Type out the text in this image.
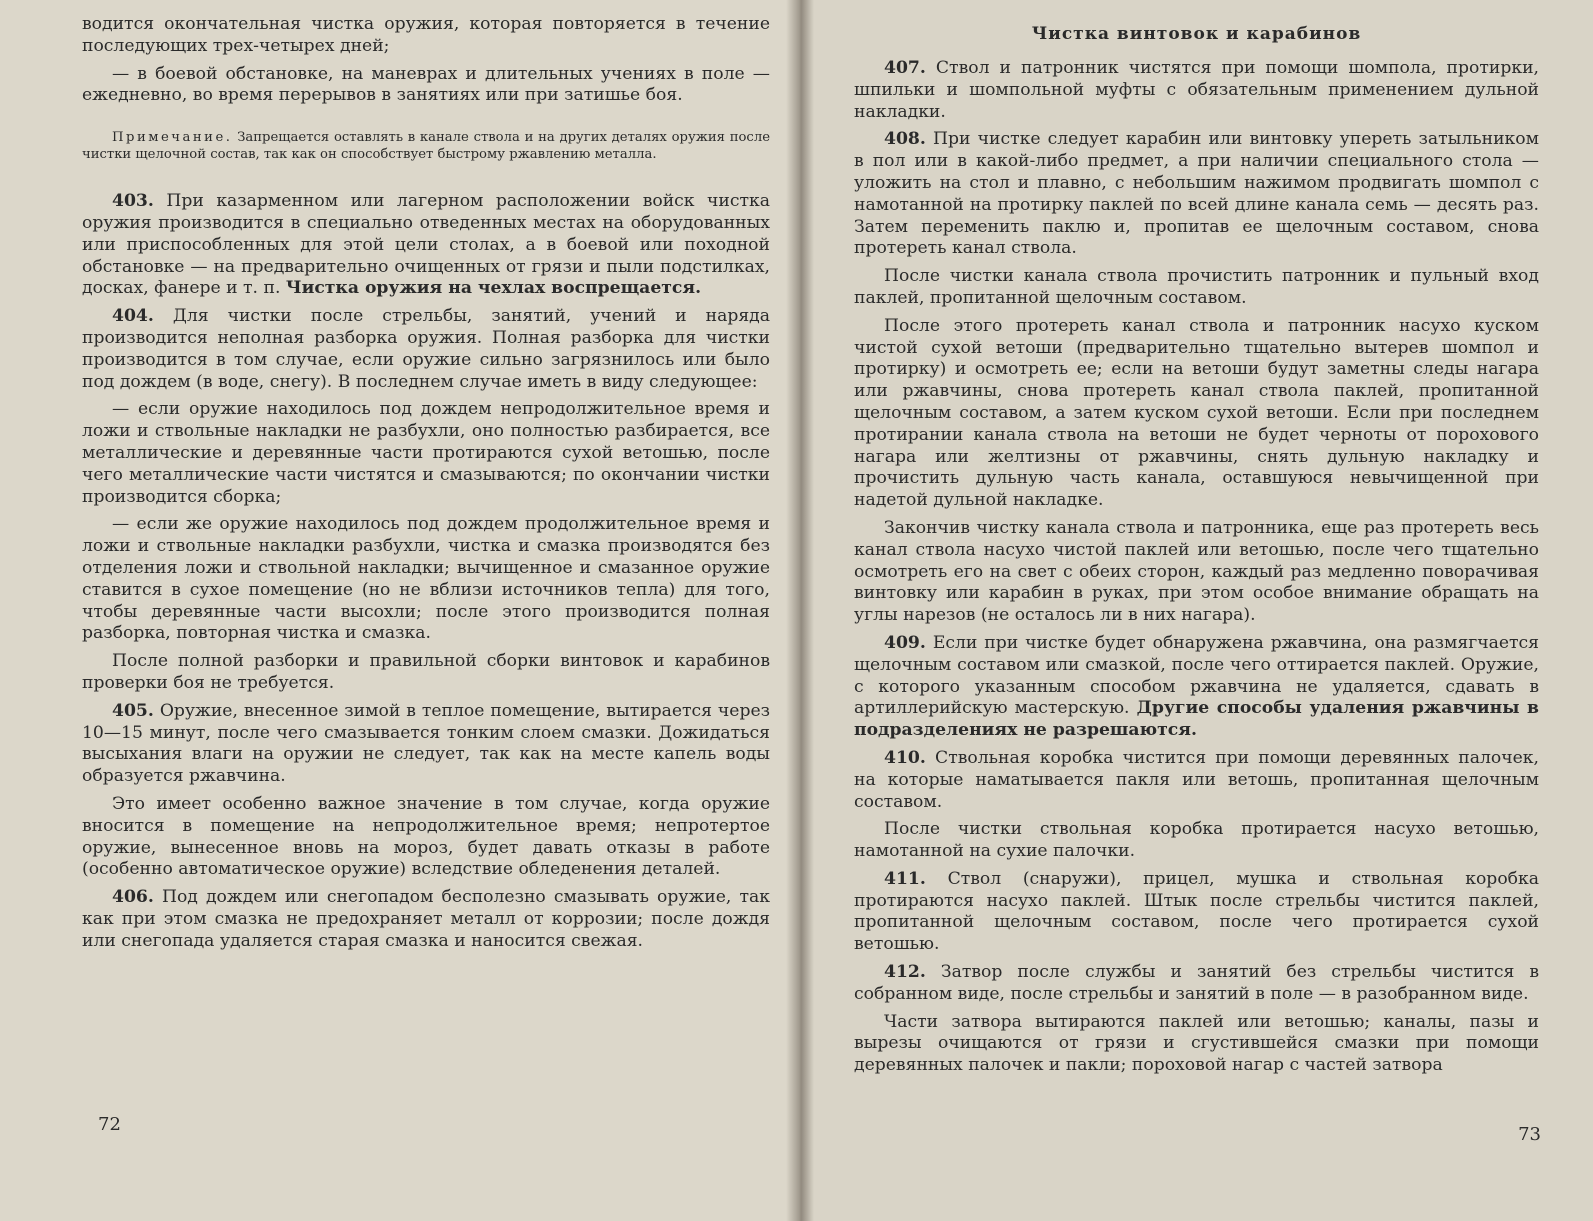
водится окончательная чистка оружия, которая повторяется в течение последующих трех-четырех дней;

— в боевой обстановке, на маневрах и длительных учениях в поле — ежедневно, во время перерывов в занятиях или при затишье боя.

Примечание. Запрещается оставлять в канале ствола и на других деталях оружия после чистки щелочной состав, так как он способствует быстрому ржавлению металла.

403. При казарменном или лагерном расположении войск чистка оружия производится в специально отведенных местах на оборудованных или приспособленных для этой цели столах, а в боевой или походной обстановке — на предварительно очищенных от грязи и пыли подстилках, досках, фанере и т. п. Чистка оружия на чехлах воспрещается.

404. Для чистки после стрельбы, занятий, учений и наряда производится неполная разборка оружия. Полная разборка для чистки производится в том случае, если оружие сильно загрязнилось или было под дождем (в воде, снегу). В последнем случае иметь в виду следующее:

— если оружие находилось под дождем непродолжительное время и ложи и ствольные накладки не разбухли, оно полностью разбирается, все металлические и деревянные части протираются сухой ветошью, после чего металлические части чистятся и смазываются; по окончании чистки производится сборка;

— если же оружие находилось под дождем продолжительное время и ложи и ствольные накладки разбухли, чистка и смазка производятся без отделения ложи и ствольной накладки; вычищенное и смазанное оружие ставится в сухое помещение (но не вблизи источников тепла) для того, чтобы деревянные части высохли; после этого производится полная разборка, повторная чистка и смазка.

После полной разборки и правильной сборки винтовок и карабинов проверки боя не требуется.

405. Оружие, внесенное зимой в теплое помещение, вытирается через 10—15 минут, после чего смазывается тонким слоем смазки. Дожидаться высыхания влаги на оружии не следует, так как на месте капель воды образуется ржавчина.

Это имеет особенно важное значение в том случае, когда оружие вносится в помещение на непродолжительное время; непротертое оружие, вынесенное вновь на мороз, будет давать отказы в работе (особенно автоматическое оружие) вследствие обледенения деталей.

406. Под дождем или снегопадом бесполезно смазывать оружие, так как при этом смазка не предохраняет металл от коррозии; после дождя или снегопада удаляется старая смазка и наносится свежая.

72
Чистка винтовок и карабинов

407. Ствол и патронник чистятся при помощи шомпола, протирки, шпильки и шомпольной муфты с обязательным применением дульной накладки.

408. При чистке следует карабин или винтовку упереть затыльником в пол или в какой-либо предмет, а при наличии специального стола — уложить на стол и плавно, с небольшим нажимом продвигать шомпол с намотанной на протирку паклей по всей длине канала семь — десять раз. Затем переменить паклю и, пропитав ее щелочным составом, снова протереть канал ствола.

После чистки канала ствола прочистить патронник и пульный вход паклей, пропитанной щелочным составом.

После этого протереть канал ствола и патронник насухо куском чистой сухой ветоши (предварительно тщательно вытерев шомпол и протирку) и осмотреть ее; если на ветоши будут заметны следы нагара или ржавчины, снова протереть канал ствола паклей, пропитанной щелочным составом, а затем куском сухой ветоши. Если при последнем протирании канала ствола на ветоши не будет черноты от порохового нагара или желтизны от ржавчины, снять дульную накладку и прочистить дульную часть канала, оставшуюся невычищенной при надетой дульной накладке.

Закончив чистку канала ствола и патронника, еще раз протереть весь канал ствола насухо чистой паклей или ветошью, после чего тщательно осмотреть его на свет с обеих сторон, каждый раз медленно поворачивая винтовку или карабин в руках, при этом особое внимание обращать на углы нарезов (не осталось ли в них нагара).

409. Если при чистке будет обнаружена ржавчина, она размягчается щелочным составом или смазкой, после чего оттирается паклей. Оружие, с которого указанным способом ржавчина не удаляется, сдавать в артиллерийскую мастерскую. Другие способы удаления ржавчины в подразделениях не разрешаются.

410. Ствольная коробка чистится при помощи деревянных палочек, на которые наматывается пакля или ветошь, пропитанная щелочным составом.

После чистки ствольная коробка протирается насухо ветошью, намотанной на сухие палочки.

411. Ствол (снаружи), прицел, мушка и ствольная коробка протираются насухо паклей. Штык после стрельбы чистится паклей, пропитанной щелочным составом, после чего протирается сухой ветошью.

412. Затвор после службы и занятий без стрельбы чистится в собранном виде, после стрельбы и занятий в поле — в разобранном виде.

Части затвора вытираются паклей или ветошью; каналы, пазы и вырезы очищаются от грязи и сгустившейся смазки при помощи деревянных палочек и пакли; пороховой нагар с частей затвора

73
